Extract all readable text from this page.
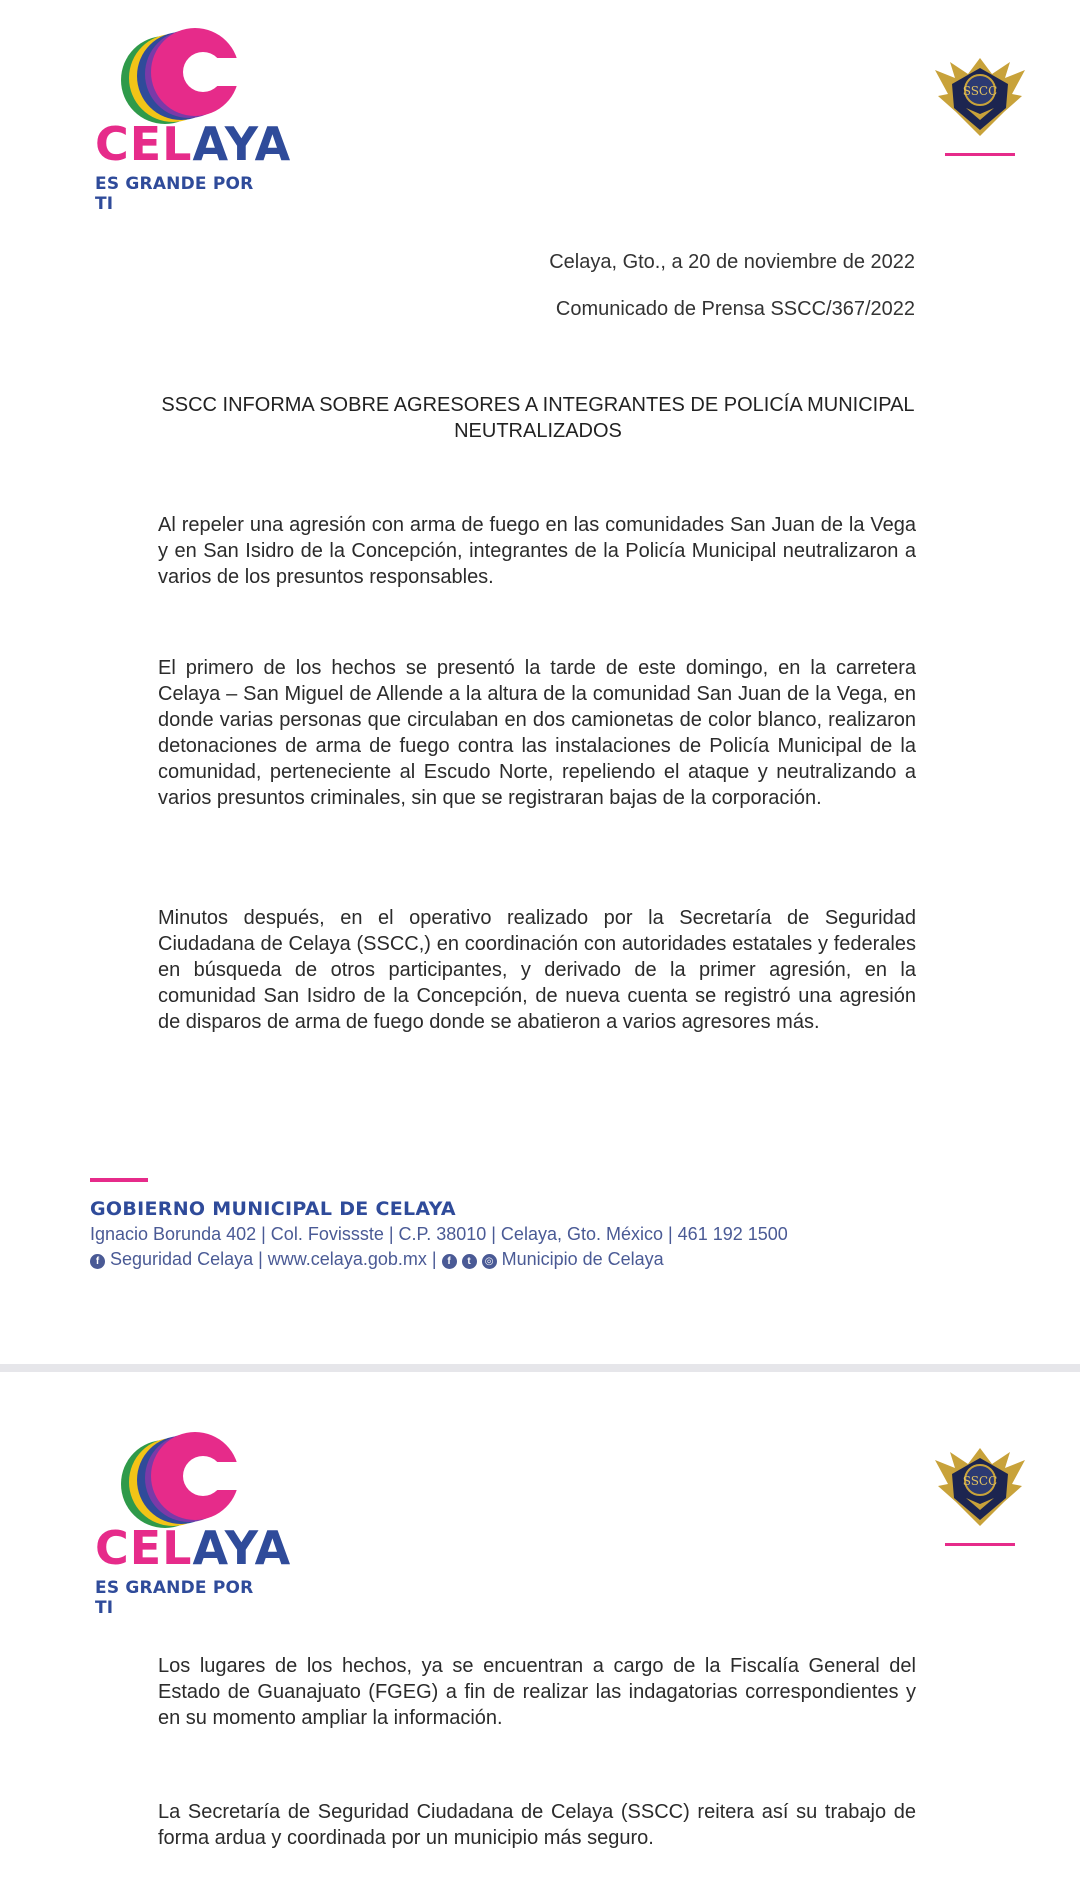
CELAYA
ES GRANDE POR TI
SSCC
Celaya, Gto., a 20 de noviembre de 2022
Comunicado de Prensa SSCC/367/2022
SSCC INFORMA SOBRE AGRESORES A INTEGRANTES DE POLICÍA MUNICIPAL
NEUTRALIZADOS
Al repeler una agresión con arma de fuego en las comunidades San Juan de la Vega y en San Isidro de la Concepción, integrantes de la Policía Municipal neutralizaron a varios de los presuntos responsables.
El primero de los hechos se presentó la tarde de este domingo, en la carretera Celaya – San Miguel de Allende a la altura de la comunidad San Juan de la Vega, en donde varias personas que circulaban en dos camionetas de color blanco, realizaron detonaciones de arma de fuego contra las instalaciones de Policía Municipal de la comunidad, perteneciente al Escudo Norte, repeliendo el ataque y neutralizando a varios presuntos criminales, sin que se registraran bajas de la corporación.
Minutos después, en el operativo realizado por la Secretaría de Seguridad Ciudadana de Celaya (SSCC,) en coordinación con autoridades estatales y federales en búsqueda de otros participantes, y derivado de la primer agresión, en la comunidad San Isidro de la Concepción, de nueva cuenta se registró una agresión de disparos de arma de fuego donde se abatieron a varios agresores más.
GOBIERNO MUNICIPAL DE CELAYA
Ignacio Borunda 402 | Col. Fovissste | C.P. 38010 | Celaya, Gto. México | 461 192 1500
f Seguridad Celaya | www.celaya.gob.mx | f t ◎ Municipio de Celaya
CELAYA
ES GRANDE POR TI
SSCC
Los lugares de los hechos, ya se encuentran a cargo de la Fiscalía General del Estado de Guanajuato (FGEG) a fin de realizar las indagatorias correspondientes y en su momento ampliar la información.
La Secretaría de Seguridad Ciudadana de Celaya (SSCC) reitera así su trabajo de forma ardua y coordinada por un municipio más seguro.
